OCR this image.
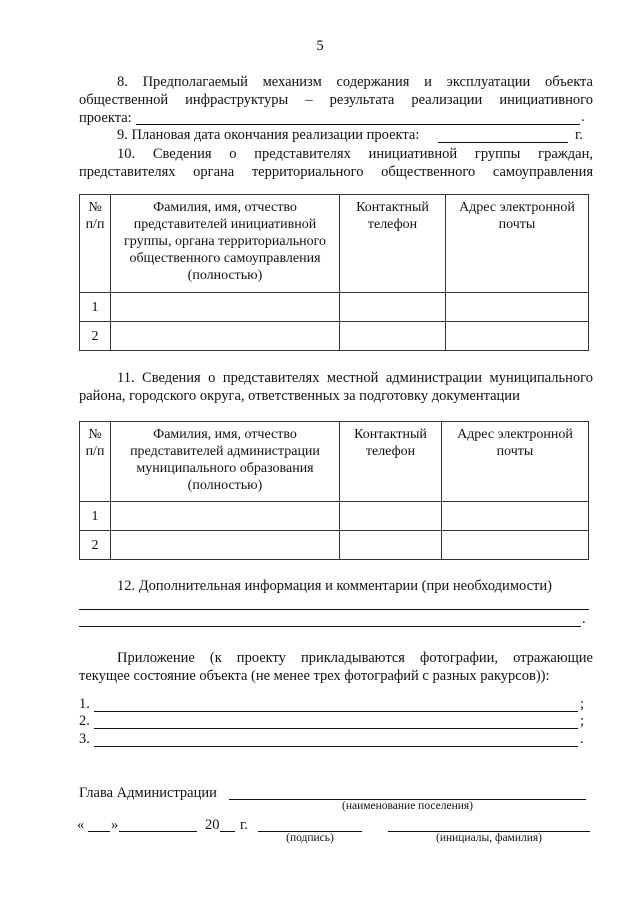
5
8. Предполагаемый механизм содержания и эксплуатации объекта
общественной инфраструктуры – результата реализации инициативного
проекта:	.
9. Плановая дата окончания реализации проекта:	г.
10. Сведения о представителях инициативной группы граждан,
представителях органа территориального общественного самоуправления
№ п/п	Фамилия, имя, отчество представителей инициативной группы, органа территориального общественного самоуправления (полностью)	Контактный телефон	Адрес электронной почты
1			
2			
11. Сведения о представителях местной администрации муниципального
района, городского округа, ответственных за подготовку документации
№ п/п	Фамилия, имя, отчество представителей администрации муниципального образования (полностью)	Контактный телефон	Адрес электронной почты
1			
2			
12. Дополнительная информация и комментарии (при необходимости)
.
Приложение (к проекту прикладываются фотографии, отражающие
текущее состояние объекта (не менее трех фотографий с разных ракурсов)):
1.	;
2.	;
3.	.
Глава Администрации
(наименование поселения)
« »	20 г.
(подпись)	(инициалы, фамилия)
